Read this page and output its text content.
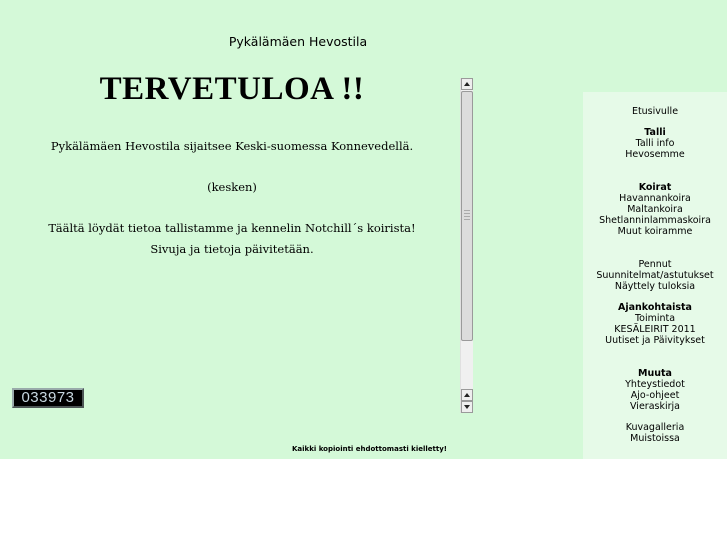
Pykälämäen Hevostila
TERVETULOA !!
Pykälämäen Hevostila sijaitsee Keski-suomessa Konnevedellä.
(kesken)
Täältä löydät tietoa tallistamme ja kennelin Notchill´s koirista!
Sivuja ja tietoja päivitetään.
033973
Kaikki kopiointi ehdottomasti kielletty!
Etusivulle
Talli
Talli info
Hevosemme
Koirat
Havannankoira
Maltankoira
Shetlanninlammaskoira
Muut koiramme
Pennut
Suunnitelmat/astutukset
Näyttely tuloksia
Ajankohtaista
Toiminta
KESÄLEIRIT 2011
Uutiset ja Päivitykset
Muuta
Yhteystiedot
Ajo-ohjeet
Vieraskirja
Kuvagalleria
Muistoissa
